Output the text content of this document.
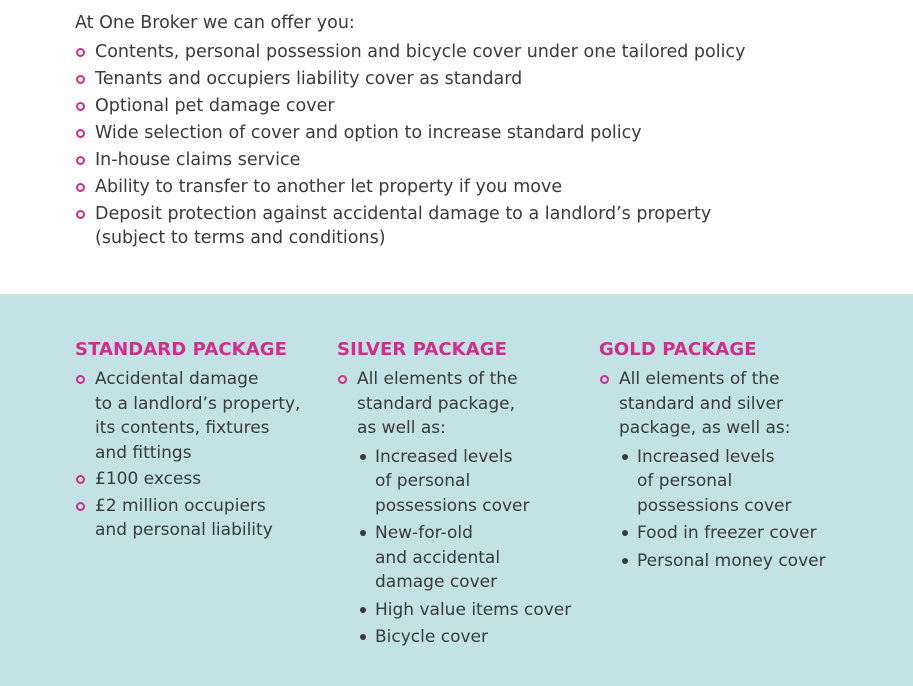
At One Broker we can offer you:

Contents, personal possession and bicycle cover under one tailored policy
Tenants and occupiers liability cover as standard
Optional pet damage cover
Wide selection of cover and option to increase standard policy
In-house claims service
Ability to transfer to another let property if you move
Deposit protection against accidental damage to a landlord’s property
(subject to terms and conditions)
STANDARD PACKAGE
Accidental damage
to a landlord’s property,
its contents, fixtures
and fittings
£100 excess
£2 million occupiers
and personal liability
SILVER PACKAGE
All elements of the
standard package,
as well as:
Increased levels
of personal
possessions cover
New-for-old
and accidental
damage cover
High value items cover
Bicycle cover
GOLD PACKAGE
All elements of the
standard and silver
package, as well as:
Increased levels
of personal
possessions cover
Food in freezer cover
Personal money cover
